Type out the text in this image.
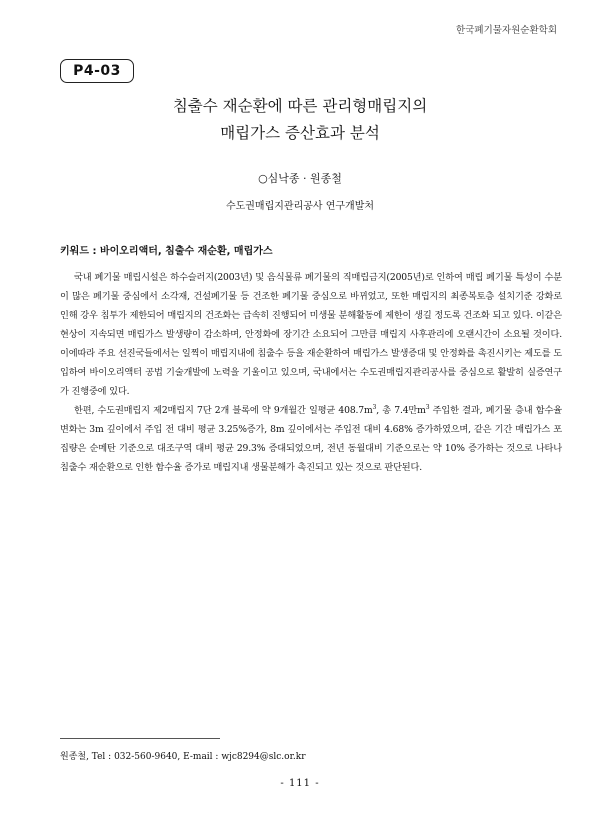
한국폐기물자원순환학회
P4-03
침출수 재순환에 따른 관리형매립지의
매립가스 증산효과 분석
○심낙종 · 원종철
수도권매립지관리공사 연구개발처
키워드 : 바이오리액터, 침출수 재순환, 매립가스

국내 폐기물 매립시설은 하수슬러지(2003년) 및 음식물류 폐기물의 직매립금지(2005년)로 인하여 매립 폐기물 특성이 수분이 많은 폐기물 중심에서 소각재, 건설폐기물 등 건조한 폐기물 중심으로 바뀌었고, 또한 매립지의 최종복토층 설치기준 강화로 인해 강우 침투가 제한되어 매립지의 건조화는 급속히 진행되어 미생물 분해활동에 제한이 생길 정도록 건조화 되고 있다. 이같은 현상이 지속되면 매립가스 발생량이 감소하며, 안정화에 장기간 소요되어 그만큼 매립지 사후관리에 오랜시간이 소요될 것이다. 이에따라 주요 선진국들에서는 일찍이 매립지내에 침출수 등을 재순환하여 매립가스 발생증대 및 안정화를 촉진시키는 제도를 도입하여 바이오리액터 공법 기술개발에 노력을 기울이고 있으며, 국내에서는 수도권매립지관리공사를 중심으로 활발히 실증연구가 진행중에 있다.

한편, 수도권매립지 제2매립지 7단 2개 블록에 약 9개월간 일평균 $408.7m^3$, 총 7.4만$m^3$ 주입한 결과, 폐기물 층내 함수율 변화는 3m 깊이에서 주입 전 대비 평균 3.25%증가, 8m 깊이에서는 주입전 대비 4.68% 증가하였으며, 같은 기간 매립가스 포집량은 순메탄 기준으로 대조구역 대비 평균 29.3% 증대되었으며, 전년 동월대비 기준으로는 약 10% 증가하는 것으로 나타나 침출수 재순환으로 인한 함수율 증가로 매립지내 생물분해가 촉진되고 있는 것으로 판단된다.

원종철, Tel : 032-560-9640, E-mail : wjc8294@slc.or.kr
- 111 -
